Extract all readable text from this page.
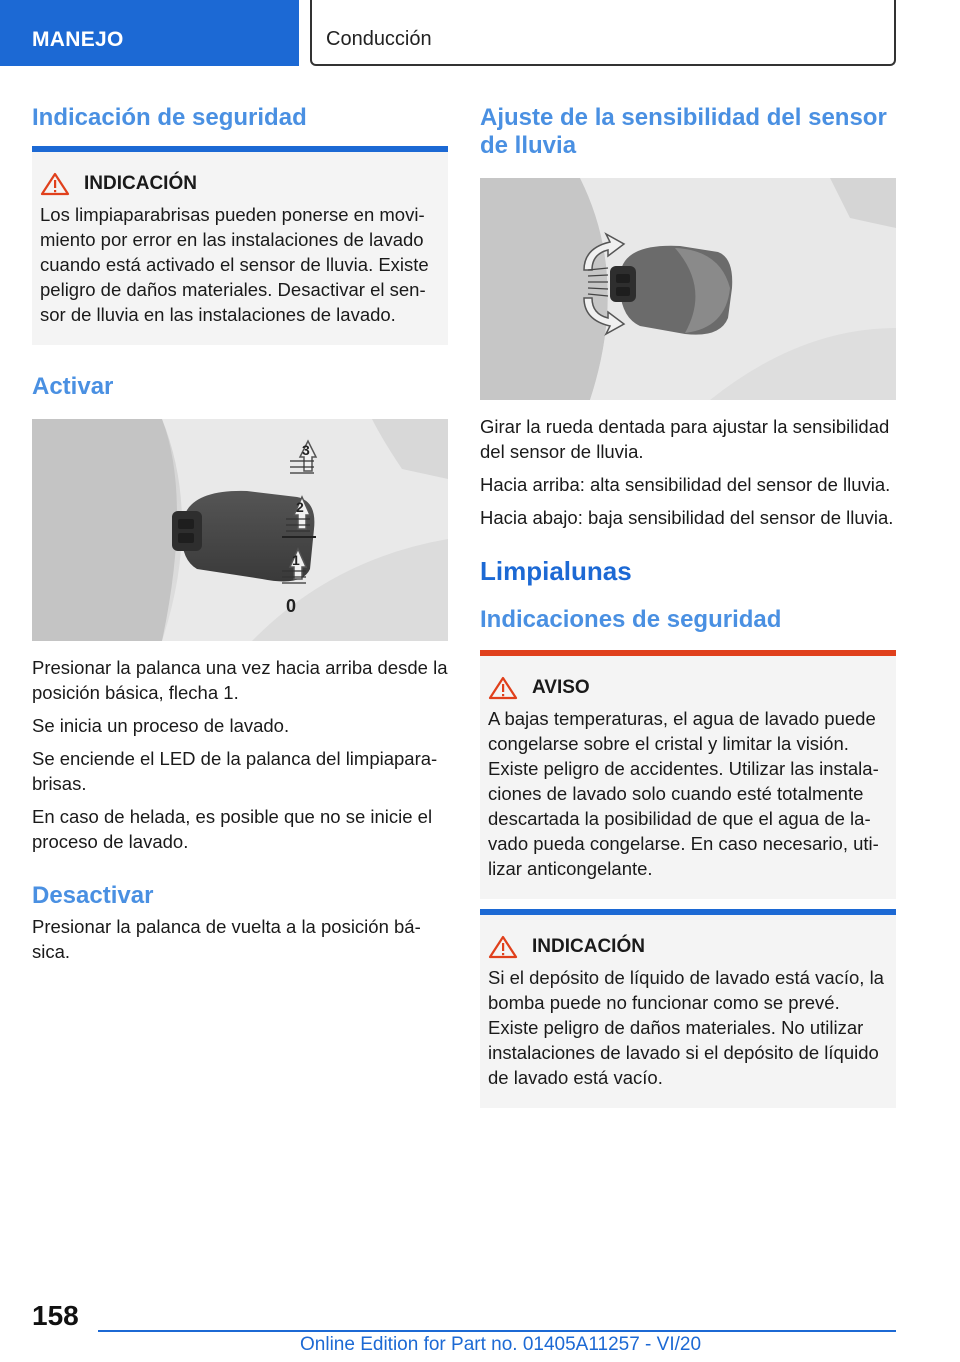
MANEJO	Conducción
Indicación de seguridad
INDICACIÓN

Los limpiaparabrisas pueden ponerse en movi-miento por error en las instalaciones de lavado cuando está activado el sensor de lluvia. Existe peligro de daños materiales. Desactivar el sen-sor de lluvia en las instalaciones de lavado.

Activar
3
2
1
0

Presionar la palanca una vez hacia arriba desde la posición básica, flecha 1.

Se inicia un proceso de lavado.

Se enciende el LED de la palanca del limpiapara-brisas.

En caso de helada, es posible que no se inicie el proceso de lavado.

Desactivar

Presionar la palanca de vuelta a la posición bá-sica.

Ajuste de la sensibilidad del sensor de lluvia

Girar la rueda dentada para ajustar la sensibilidad del sensor de lluvia.

Hacia arriba: alta sensibilidad del sensor de lluvia.

Hacia abajo: baja sensibilidad del sensor de lluvia.

Limpialunas
Indicaciones de seguridad
AVISO

A bajas temperaturas, el agua de lavado puede congelarse sobre el cristal y limitar la visión. Existe peligro de accidentes. Utilizar las instala-ciones de lavado solo cuando esté totalmente descartada la posibilidad de que el agua de la-vado pueda congelarse. En caso necesario, uti-lizar anticongelante.

INDICACIÓN

Si el depósito de líquido de lavado está vacío, la bomba puede no funcionar como se prevé. Existe peligro de daños materiales. No utilizar instalaciones de lavado si el depósito de líquido de lavado está vacío.

158
Online Edition for Part no. 01405A11257 - VI/20
